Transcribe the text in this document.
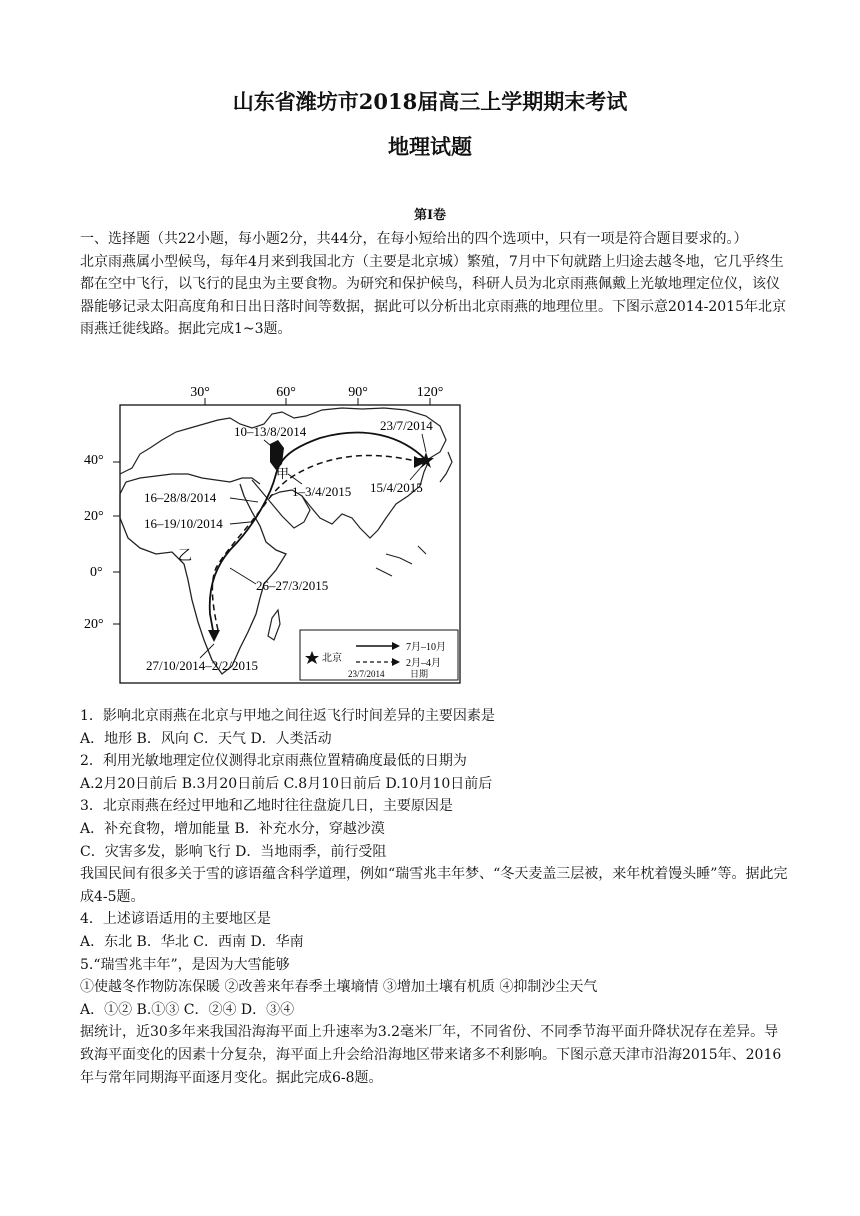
山东省潍坊市2018届高三上学期期末考试
地理试题
第Ⅰ卷

一、选择题（共22小题，每小题2分，共44分，在每小短给出的四个选项中，只有一项是符合题目要求的。）

北京雨燕属小型候鸟，每年4月来到我国北方（主要是北京城）繁殖，7月中下旬就踏上归途去越冬地，它几乎终生都在空中飞行，以飞行的昆虫为主要食物。为研究和保护候鸟，科研人员为北京雨燕佩戴上光敏地理定位仪，该仪器能够记录太阳高度角和日出日落时间等数据，据此可以分析出北京雨燕的地理位里。下图示意2014-2015年北京雨燕迁徙线路。据此完成1~3题。

30°	60°	90°	120°
40°
20°
0°
20°
10–13/8/2014	23/7/2014
1–3/4/2015 15/4/2015
16–28/8/2014
16–19/10/2014
26–27/3/2015
27/10/2014–2/2/2015
甲
乙
北京
7月–10月
2月–4月
23/7/2014	日期

1．影响北京雨燕在北京与甲地之间往返飞行时间差异的主要因素是

A．地形 B．风向 C．天气 D．人类活动

2．利用光敏地理定位仪测得北京雨燕位置精确度最低的日期为

A.2月20日前后 B.3月20日前后 C.8月10日前后 D.10月10日前后

3．北京雨燕在经过甲地和乙地时往往盘旋几日，主要原因是

A．补充食物，增加能量 B．补充水分，穿越沙漠

C．灾害多发，影响飞行 D．当地雨季，前行受阻

我国民间有很多关于雪的谚语蕴含科学道理，例如“瑞雪兆丰年梦、“冬天麦盖三层被，来年枕着馒头睡”等。据此完成4-5题。

4．上述谚语适用的主要地区是

A．东北 B．华北 C．西南 D．华南

5.“瑞雪兆丰年”，是因为大雪能够

①使越冬作物防冻保暖 ②改善来年春季土壤墒情 ③增加土壤有机质 ④抑制沙尘天气

A．①② B.①③ C．②④ D．③④

据统计，近30多年来我国沿海海平面上升速率为3.2毫米厂年，不同省份、不同季节海平面升降状况存在差异。导致海平面变化的因素十分复杂，海平面上升会给沿海地区带来诸多不利影响。下图示意天津市沿海2015年、2016年与常年同期海平面逐月变化。据此完成6-8题。
